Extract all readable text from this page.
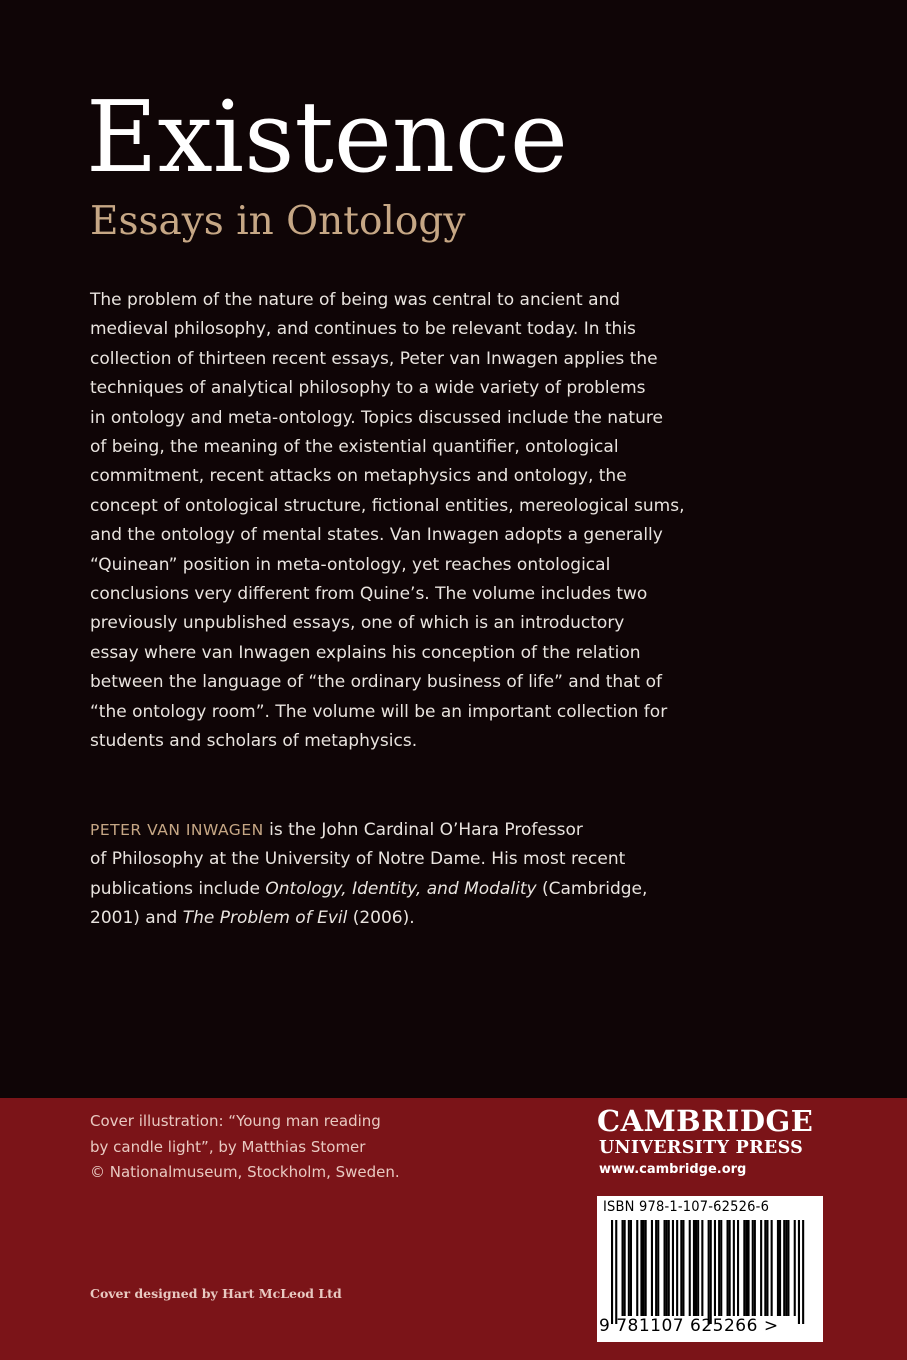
Existence
Essays in Ontology
The problem of the nature of being was central to ancient and
medieval philosophy, and continues to be relevant today. In this
collection of thirteen recent essays, Peter van Inwagen applies the
techniques of analytical philosophy to a wide variety of problems
in ontology and meta-ontology. Topics discussed include the nature
of being, the meaning of the existential quantifier, ontological
commitment, recent attacks on metaphysics and ontology, the
concept of ontological structure, fictional entities, mereological sums,
and the ontology of mental states. Van Inwagen adopts a generally
“Quinean” position in meta-ontology, yet reaches ontological
conclusions very different from Quine’s. The volume includes two
previously unpublished essays, one of which is an introductory
essay where van Inwagen explains his conception of the relation
between the language of “the ordinary business of life” and that of
“the ontology room”. The volume will be an important collection for
students and scholars of metaphysics.
PETER VAN INWAGEN is the John Cardinal O’Hara Professor
of Philosophy at the University of Notre Dame. His most recent
publications include Ontology, Identity, and Modality (Cambridge,
2001) and The Problem of Evil (2006).
Cover illustration: “Young man reading
by candle light”, by Matthias Stomer
© Nationalmuseum, Stockholm, Sweden.
Cover designed by Hart McLeod Ltd
CAMBRIDGE
UNIVERSITY PRESS
www.cambridge.org
ISBN 978-1-107-62526-6
9 781107 625266 >
